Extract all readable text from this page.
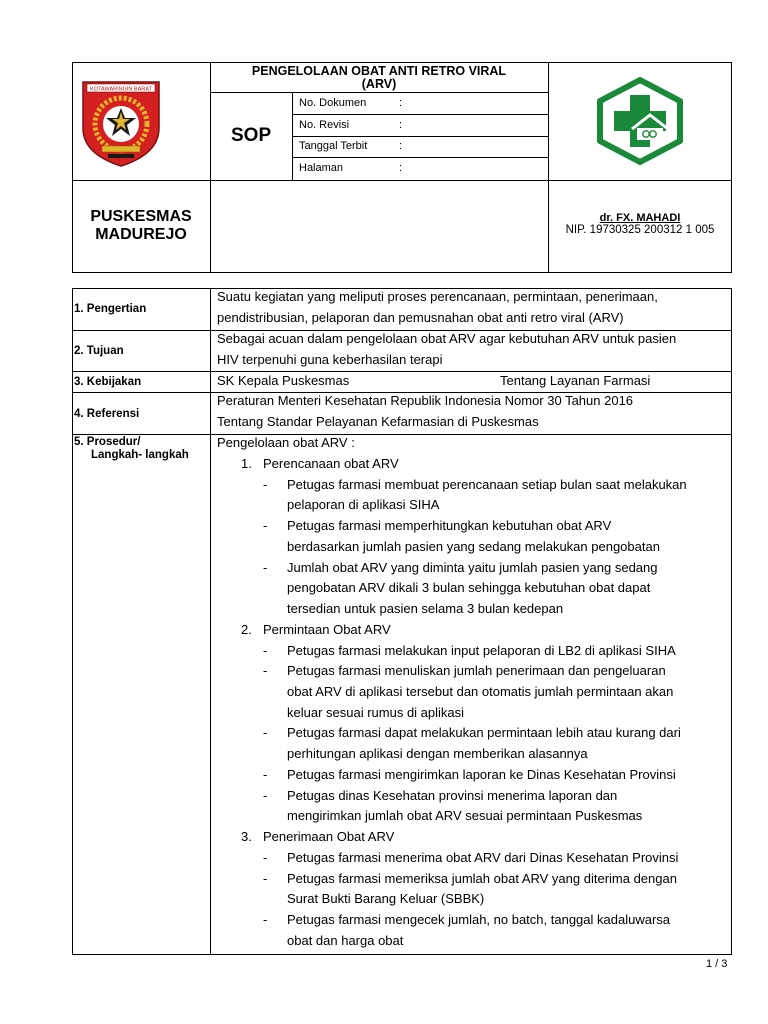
KOTAWARINGIN BARAT
PENGELOLAAN OBAT ANTI RETRO VIRAL
(ARV)
SOP
No. Dokumen	:
No. Revisi	:
Tanggal Terbit	:
Halaman	:
PUSKESMAS
MADUREJO
dr. FX. MAHADI
NIP. 19730325 200312 1 005
1. Pengertian
Suatu kegiatan yang meliputi proses perencanaan, permintaan, penerimaan,
pendistribusian, pelaporan dan pemusnahan obat anti retro viral (ARV)
2. Tujuan
Sebagai acuan dalam pengelolaan obat ARV agar kebutuhan ARV untuk pasien
HIV terpenuhi guna keberhasilan terapi
3. Kebijakan	SK Kepala Puskesmas	Tentang Layanan Farmasi
4. Referensi
Peraturan Menteri Kesehatan Republik Indonesia Nomor 30 Tahun 2016
Tentang Standar Pelayanan Kefarmasian di Puskesmas
5. Prosedur/
Langkah- langkah
Pengelolaan obat ARV :
1. Perencanaan obat ARV
- Petugas farmasi membuat perencanaan setiap bulan saat melakukan
pelaporan di aplikasi SIHA
- Petugas farmasi memperhitungkan kebutuhan obat ARV
berdasarkan jumlah pasien yang sedang melakukan pengobatan
- Jumlah obat ARV yang diminta yaitu jumlah pasien yang sedang
pengobatan ARV dikali 3 bulan sehingga kebutuhan obat dapat
tersedian untuk pasien selama 3 bulan kedepan
2. Permintaan Obat ARV
- Petugas farmasi melakukan input pelaporan di LB2 di aplikasi SIHA
- Petugas farmasi menuliskan jumlah penerimaan dan pengeluaran
obat ARV di aplikasi tersebut dan otomatis jumlah permintaan akan
keluar sesuai rumus di aplikasi
- Petugas farmasi dapat melakukan permintaan lebih atau kurang dari
perhitungan aplikasi dengan memberikan alasannya
- Petugas farmasi mengirimkan laporan ke Dinas Kesehatan Provinsi
- Petugas dinas Kesehatan provinsi menerima laporan dan
mengirimkan jumlah obat ARV sesuai permintaan Puskesmas
3. Penerimaan Obat ARV
- Petugas farmasi menerima obat ARV dari Dinas Kesehatan Provinsi
- Petugas farmasi memeriksa jumlah obat ARV yang diterima dengan
Surat Bukti Barang Keluar (SBBK)
- Petugas farmasi mengecek jumlah, no batch, tanggal kadaluwarsa
obat dan harga obat
1 / 3
